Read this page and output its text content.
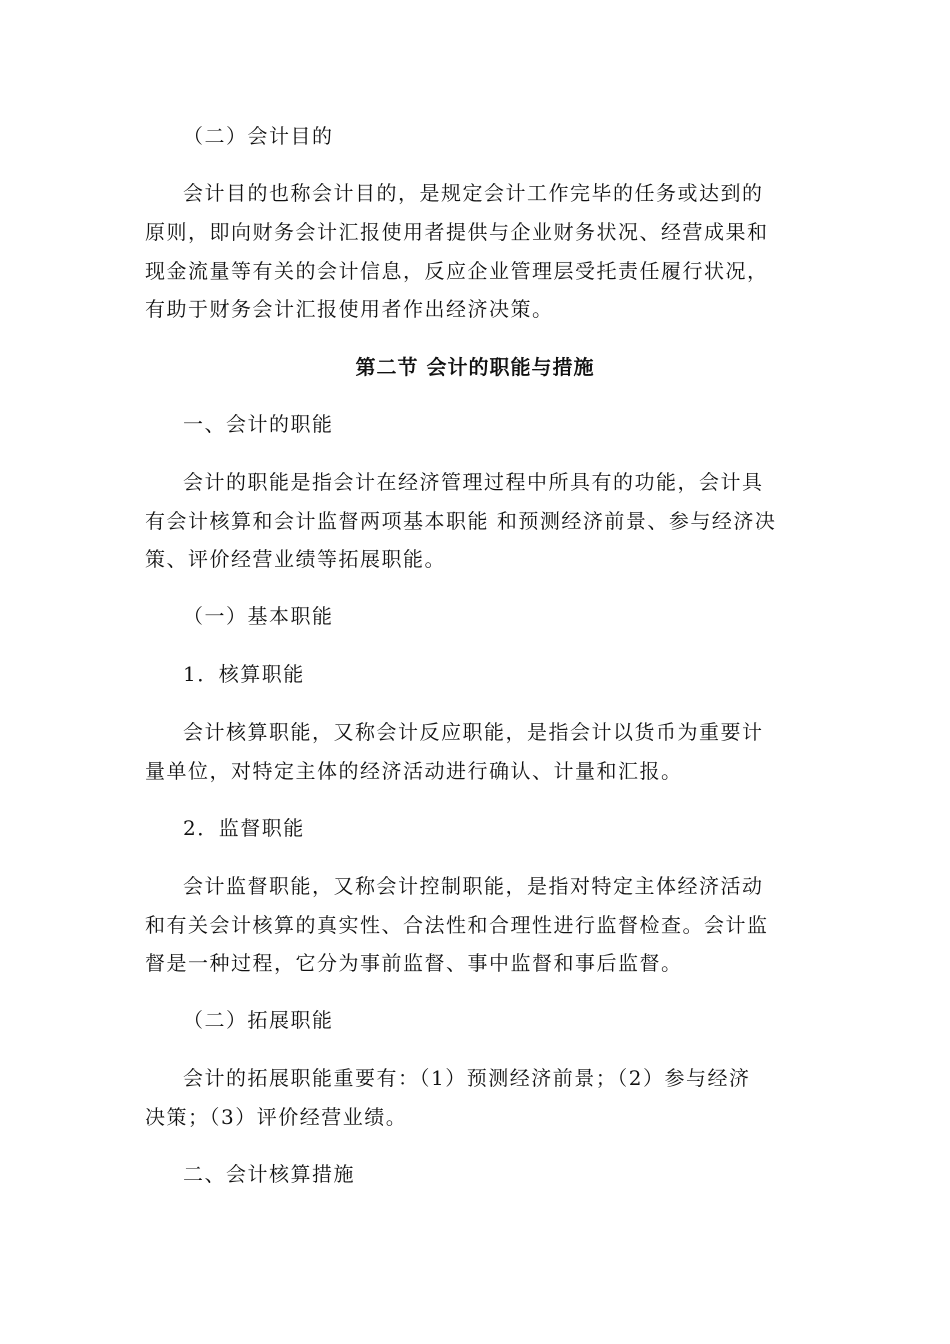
（二）会计目的
会计目的也称会计目的，是规定会计工作完毕的任务或达到的
原则，即向财务会计汇报使用者提供与企业财务状况、经营成果和
现金流量等有关的会计信息，反应企业管理层受托责任履行状况，
有助于财务会计汇报使用者作出经济决策。
第二节 会计的职能与措施
一、会计的职能
会计的职能是指会计在经济管理过程中所具有的功能，会计具
有会计核算和会计监督两项基本职能 和预测经济前景、参与经济决
策、评价经营业绩等拓展职能。
（一）基本职能
1．核算职能
会计核算职能，又称会计反应职能，是指会计以货币为重要计
量单位，对特定主体的经济活动进行确认、计量和汇报。
2．监督职能
会计监督职能，又称会计控制职能，是指对特定主体经济活动
和有关会计核算的真实性、合法性和合理性进行监督检查。会计监
督是一种过程，它分为事前监督、事中监督和事后监督。
（二）拓展职能
会计的拓展职能重要有：（1）预测经济前景；（2）参与经济
决策；（3）评价经营业绩。
二、会计核算措施
